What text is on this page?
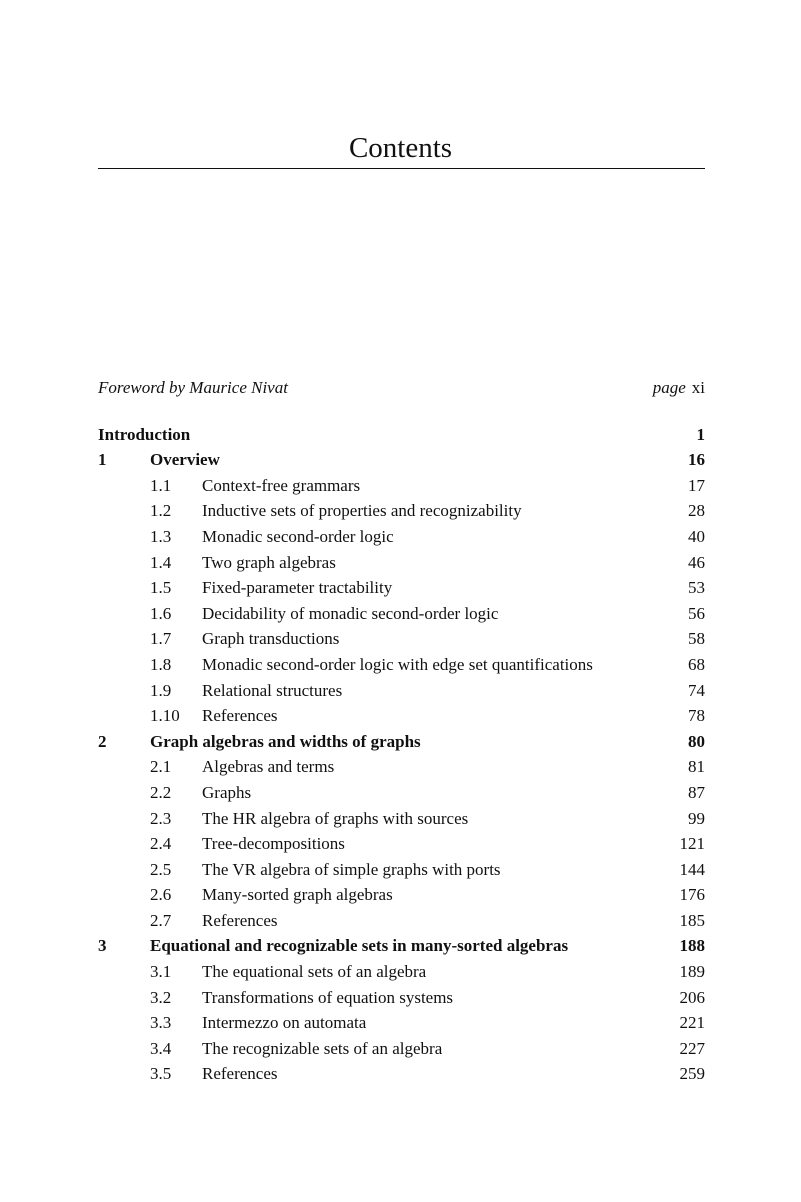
Contents
Foreword by Maurice Nivat	page xi
Introduction	1
1	Overview	16
1.1 Context-free grammars	17
1.2 Inductive sets of properties and recognizability	28
1.3 Monadic second-order logic	40
1.4 Two graph algebras	46
1.5 Fixed-parameter tractability	53
1.6 Decidability of monadic second-order logic	56
1.7 Graph transductions	58
1.8 Monadic second-order logic with edge set quantifications	68
1.9 Relational structures	74
1.10 References	78
2	Graph algebras and widths of graphs	80
2.1 Algebras and terms	81
2.2 Graphs	87
2.3 The HR algebra of graphs with sources	99
2.4 Tree-decompositions	121
2.5 The VR algebra of simple graphs with ports	144
2.6 Many-sorted graph algebras	176
2.7 References	185
3	Equational and recognizable sets in many-sorted algebras	188
3.1 The equational sets of an algebra	189
3.2 Transformations of equation systems	206
3.3 Intermezzo on automata	221
3.4 The recognizable sets of an algebra	227
3.5 References	259
